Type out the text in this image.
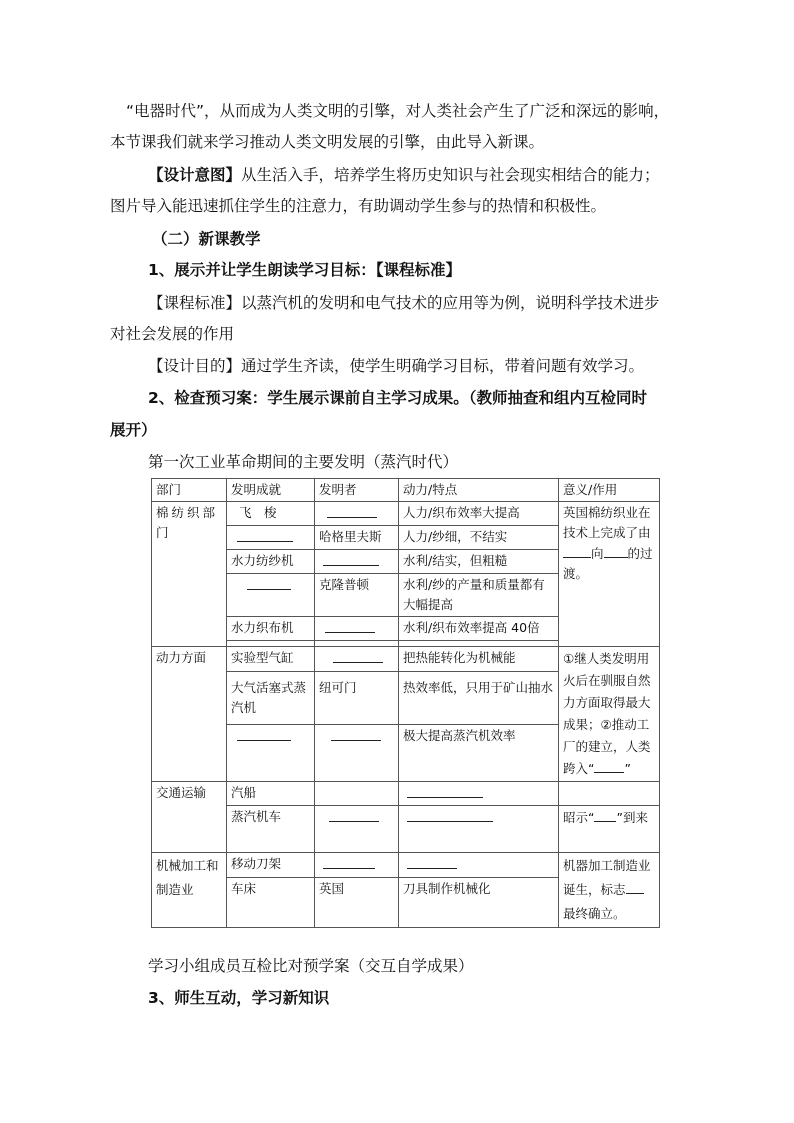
“电器时代”，从而成为人类文明的引擎，对人类社会产生了广泛和深远的影响，
本节课我们就来学习推动人类文明发展的引擎，由此导入新课。
【设计意图】从生活入手，培养学生将历史知识与社会现实相结合的能力；
图片导入能迅速抓住学生的注意力，有助调动学生参与的热情和积极性。
（二）新课教学
1、展示并让学生朗读学习目标：【课程标准】
【课程标准】以蒸汽机的发明和电气技术的应用等为例，说明科学技术进步
对社会发展的作用
【设计目的】通过学生齐读，使学生明确学习目标，带着问题有效学习。
2、检查预习案：学生展示课前自主学习成果。（教师抽查和组内互检同时
展开）
第一次工业革命期间的主要发明（蒸汽时代）
部门	发明成就	发明者	动力/特点	意义/作用
棉纺织部门	飞　梭		人力/织布效率大提高	英国棉纺织业在技术上完成了由向 的过渡。
		哈格里夫斯	人力/纱细，不结实	
	水力纺纱机		水利/结实，但粗糙	
		克隆普顿	水利/纱的产量和质量都有大幅提高	
	水力织布机		水利/织布效率提高 40倍	

动力方面	实验型气缸		把热能转化为机械能	①继人类发明用火后在驯服自然力方面取得最大成果；②推动工厂的建立，人类跨入“ ”
	大气活塞式蒸汽机	纽可门	热效率低，只用于矿山抽水	
			极大提高蒸汽机效率	
交通运输	汽船			
	蒸汽机车			昭示“ ”到来
机械加工和制造业	移动刀架			机器加工制造业诞生，标志最终确立。
	车床	英国	刀具制作机械化	
学习小组成员互检比对预学案（交互自学成果）
3、师生互动，学习新知识
